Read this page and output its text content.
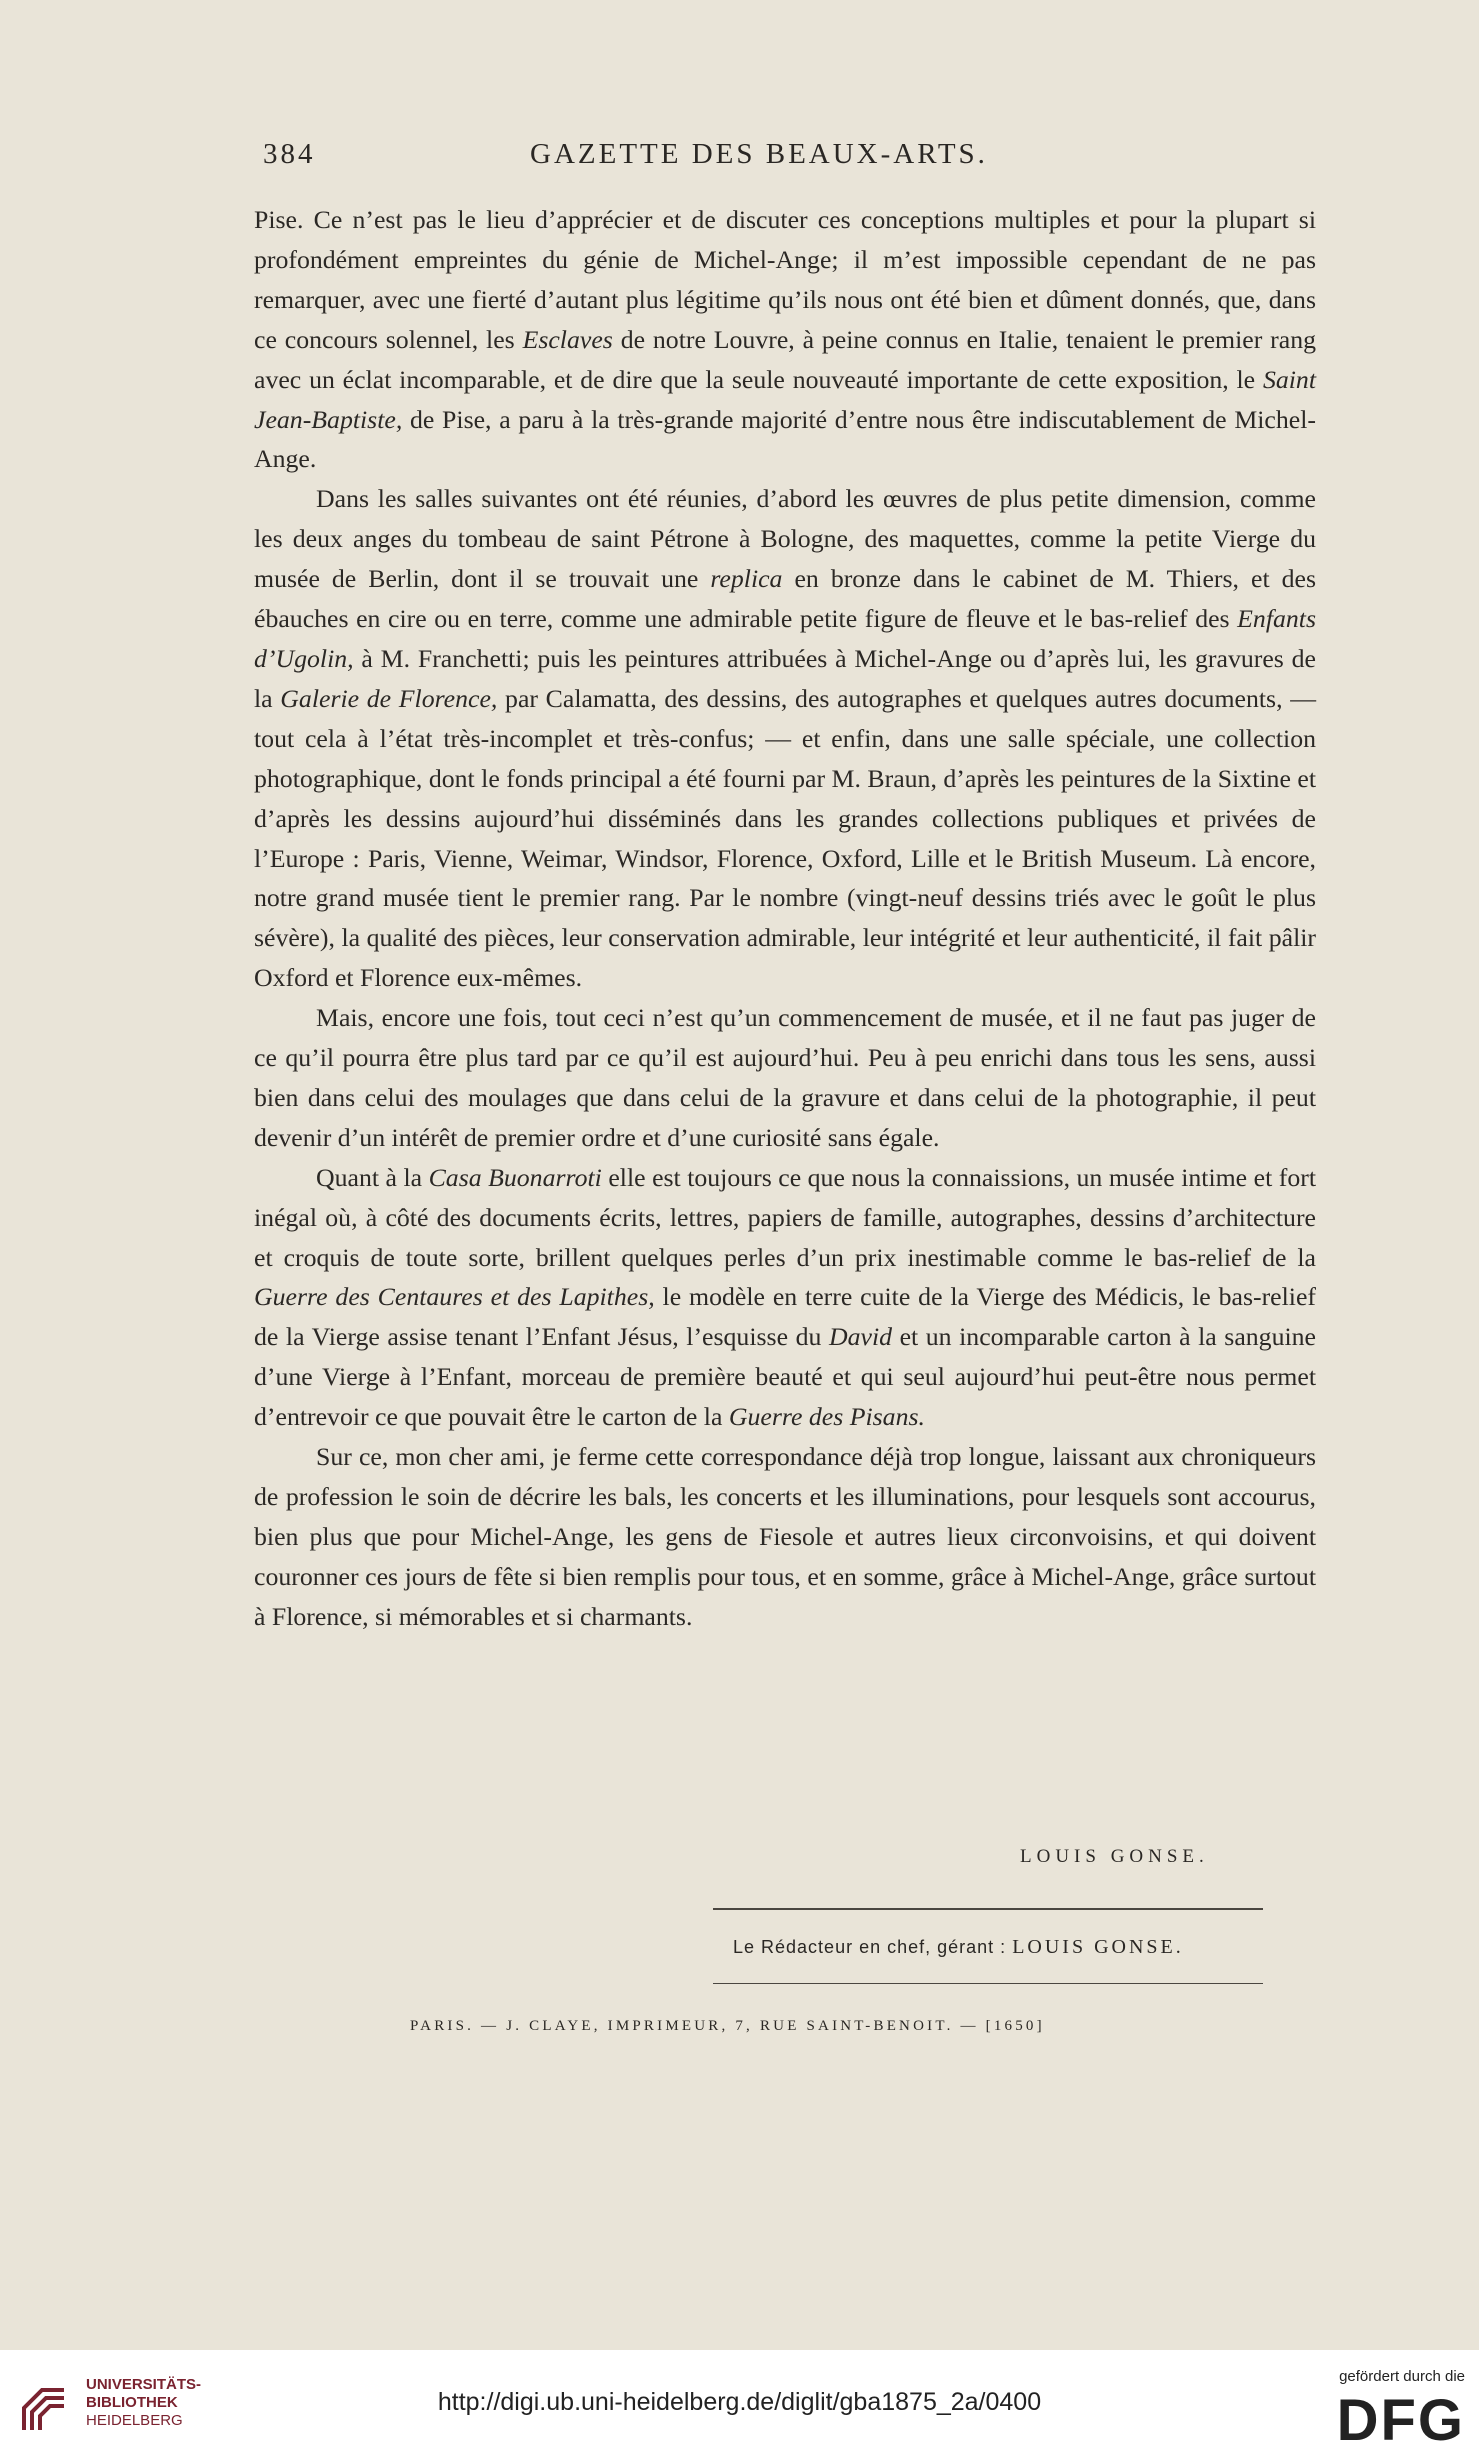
384	GAZETTE DES BEAUX-ARTS.

Pise. Ce n’est pas le lieu d’apprécier et de discuter ces conceptions multiples et pour la plupart si profondément empreintes du génie de Michel-Ange; il m’est impossible cependant de ne pas remarquer, avec une fierté d’autant plus légitime qu’ils nous ont été bien et dûment donnés, que, dans ce concours solennel, les Esclaves de notre Louvre, à peine connus en Italie, tenaient le premier rang avec un éclat incomparable, et de dire que la seule nouveauté importante de cette exposition, le Saint Jean-Baptiste, de Pise, a paru à la très-grande majorité d’entre nous être indiscutablement de Michel-Ange.

Dans les salles suivantes ont été réunies, d’abord les œuvres de plus petite dimension, comme les deux anges du tombeau de saint Pétrone à Bologne, des maquettes, comme la petite Vierge du musée de Berlin, dont il se trouvait une replica en bronze dans le cabinet de M. Thiers, et des ébauches en cire ou en terre, comme une admirable petite figure de fleuve et le bas-relief des Enfants d’Ugolin, à M. Franchetti; puis les peintures attribuées à Michel-Ange ou d’après lui, les gravures de la Galerie de Florence, par Calamatta, des dessins, des autographes et quelques autres documents, — tout cela à l’état très-incomplet et très-confus; — et enfin, dans une salle spéciale, une collection photographique, dont le fonds principal a été fourni par M. Braun, d’après les peintures de la Sixtine et d’après les dessins aujourd’hui disséminés dans les grandes collections publiques et privées de l’Europe : Paris, Vienne, Weimar, Windsor, Florence, Oxford, Lille et le British Museum. Là encore, notre grand musée tient le premier rang. Par le nombre (vingt-neuf dessins triés avec le goût le plus sévère), la qualité des pièces, leur conservation admirable, leur intégrité et leur authenticité, il fait pâlir Oxford et Florence eux-mêmes.

Mais, encore une fois, tout ceci n’est qu’un commencement de musée, et il ne faut pas juger de ce qu’il pourra être plus tard par ce qu’il est aujourd’hui. Peu à peu enrichi dans tous les sens, aussi bien dans celui des moulages que dans celui de la gravure et dans celui de la photographie, il peut devenir d’un intérêt de premier ordre et d’une curiosité sans égale.

Quant à la Casa Buonarroti elle est toujours ce que nous la connaissions, un musée intime et fort inégal où, à côté des documents écrits, lettres, papiers de famille, autographes, dessins d’architecture et croquis de toute sorte, brillent quelques perles d’un prix inestimable comme le bas-relief de la Guerre des Centaures et des Lapithes, le modèle en terre cuite de la Vierge des Médicis, le bas-relief de la Vierge assise tenant l’Enfant Jésus, l’esquisse du David et un incomparable carton à la sanguine d’une Vierge à l’Enfant, morceau de première beauté et qui seul aujourd’hui peut-être nous permet d’entrevoir ce que pouvait être le carton de la Guerre des Pisans.

Sur ce, mon cher ami, je ferme cette correspondance déjà trop longue, laissant aux chroniqueurs de profession le soin de décrire les bals, les concerts et les illuminations, pour lesquels sont accourus, bien plus que pour Michel-Ange, les gens de Fiesole et autres lieux circonvoisins, et qui doivent couronner ces jours de fête si bien remplis pour tous, et en somme, grâce à Michel-Ange, grâce surtout à Florence, si mémorables et si charmants.

LOUIS GONSE.
Le Rédacteur en chef, gérant : LOUIS GONSE.
PARIS. — J. CLAYE, IMPRIMEUR, 7, RUE SAINT-BENOIT. — [1650]
UNIVERSITÄTS-
BIBLIOTHEK
HEIDELBERG
http://digi.ub.uni-heidelberg.de/diglit/gba1875_2a/0400
gefördert durch die
DFG
